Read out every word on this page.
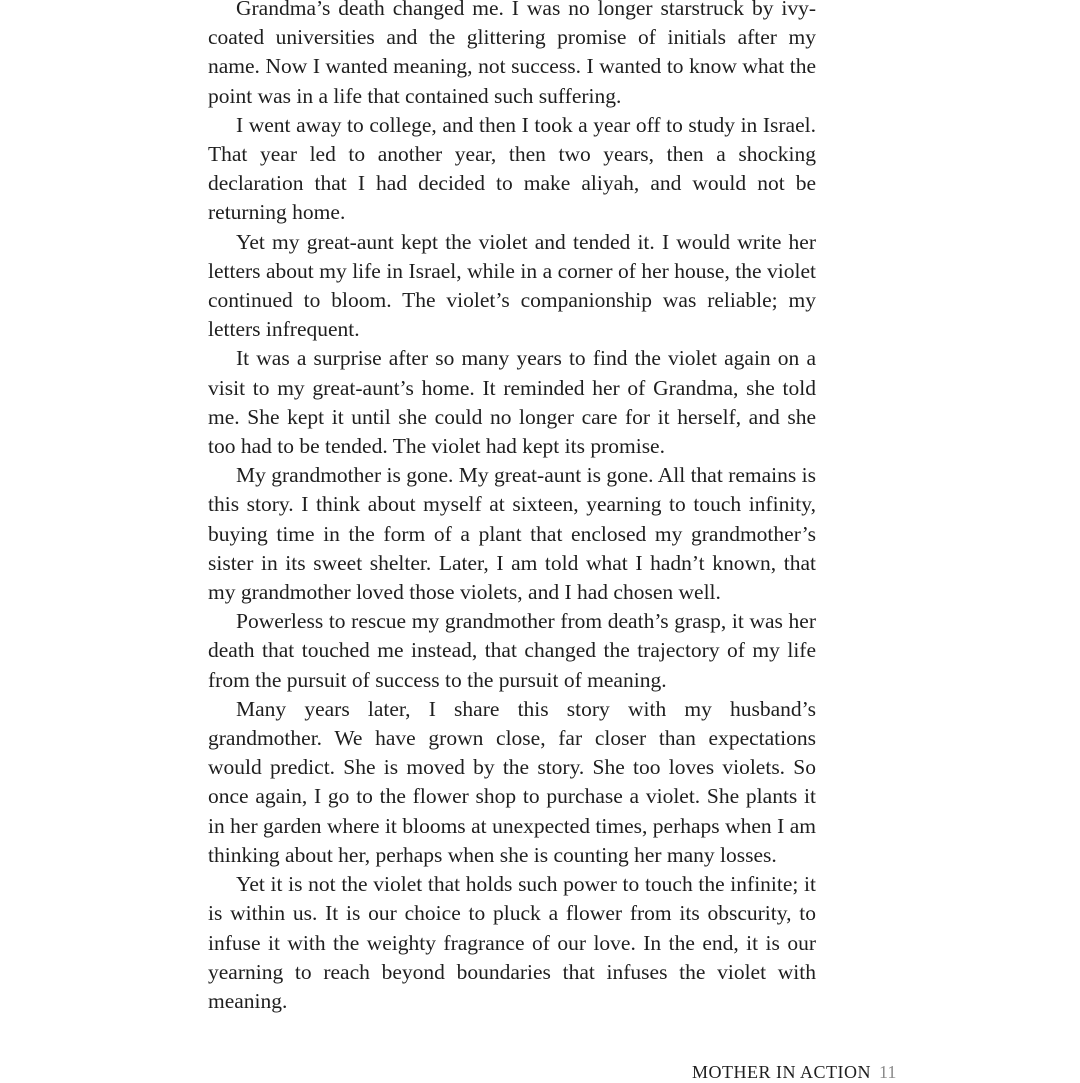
Grandma’s death changed me. I was no longer starstruck by ivy-coated universities and the glittering promise of initials after my name. Now I wanted meaning, not success. I wanted to know what the point was in a life that contained such suffering.

I went away to college, and then I took a year off to study in Israel. That year led to another year, then two years, then a shocking declaration that I had decided to make aliyah, and would not be returning home.

Yet my great-aunt kept the violet and tended it. I would write her letters about my life in Israel, while in a corner of her house, the violet continued to bloom. The violet’s companionship was reliable; my letters infrequent.

It was a surprise after so many years to find the violet again on a visit to my great-aunt’s home. It reminded her of Grandma, she told me. She kept it until she could no longer care for it herself, and she too had to be tended. The violet had kept its promise.

My grandmother is gone. My great-aunt is gone. All that remains is this story. I think about myself at sixteen, yearning to touch infinity, buying time in the form of a plant that enclosed my grandmother’s sister in its sweet shelter. Later, I am told what I hadn’t known, that my grandmother loved those violets, and I had chosen well.

Powerless to rescue my grandmother from death’s grasp, it was her death that touched me instead, that changed the trajectory of my life from the pursuit of success to the pursuit of meaning.

Many years later, I share this story with my husband’s grandmother. We have grown close, far closer than expectations would predict. She is moved by the story. She too loves violets. So once again, I go to the flower shop to purchase a violet. She plants it in her garden where it blooms at unexpected times, perhaps when I am thinking about her, perhaps when she is counting her many losses.

Yet it is not the violet that holds such power to touch the infinite; it is within us. It is our choice to pluck a flower from its obscurity, to infuse it with the weighty fragrance of our love. In the end, it is our yearning to reach beyond boundaries that infuses the violet with meaning.

MOTHER IN ACTION 11
